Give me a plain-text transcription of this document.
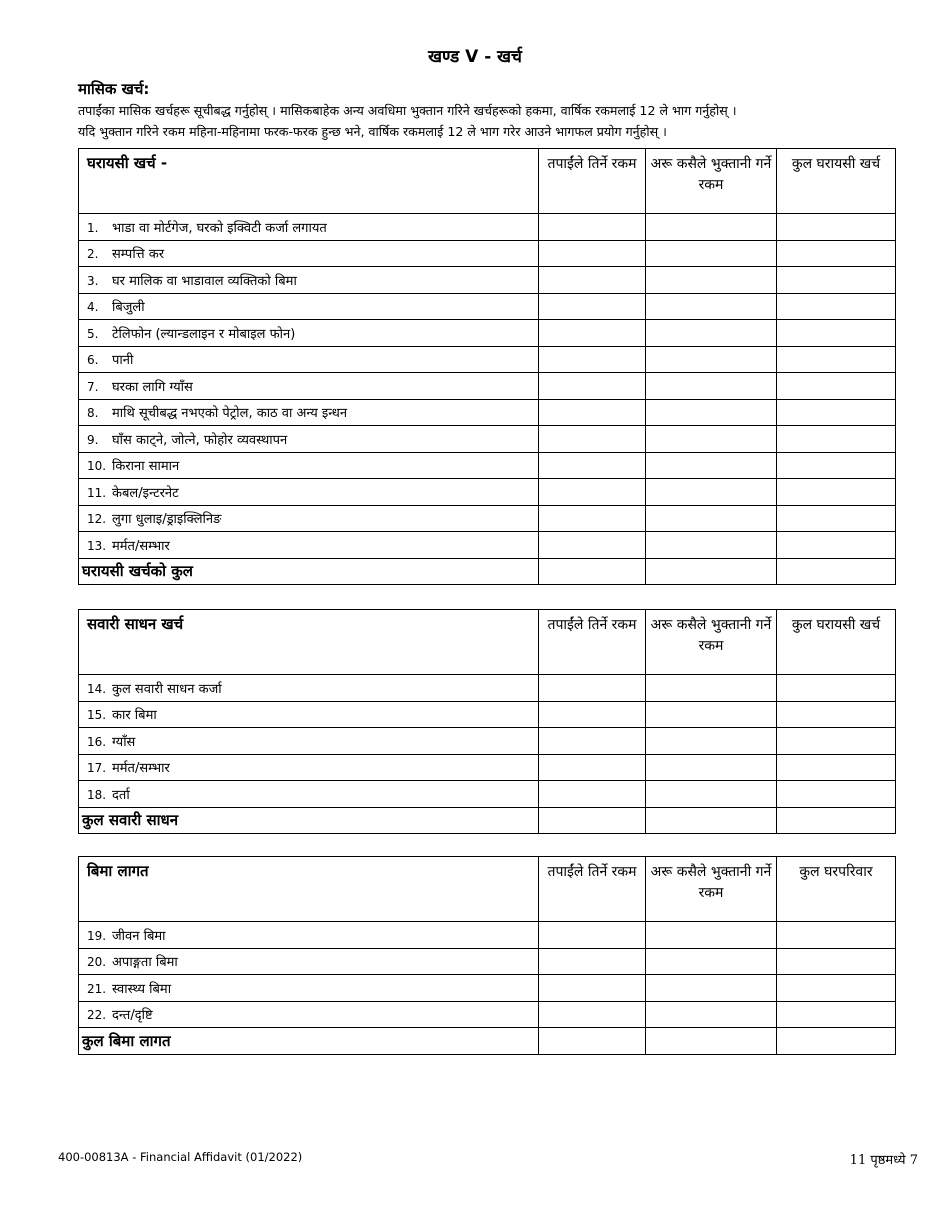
खण्ड V - खर्च
मासिक खर्च:
तपाईंका मासिक खर्चहरू सूचीबद्ध गर्नुहोस् । मासिकबाहेक अन्य अवधिमा भुक्तान गरिने खर्चहरूको हकमा, वार्षिक रकमलाई 12 ले भाग गर्नुहोस् ।
यदि भुक्तान गरिने रकम महिना-महिनामा फरक-फरक हुन्छ भने, वार्षिक रकमलाई 12 ले भाग गरेर आउने भागफल प्रयोग गर्नुहोस् ।
घरायसी खर्च -	तपाईंले तिर्ने रकम	अरू कसैले भुक्तानी गर्ने रकम	कुल घरायसी खर्च
1. भाडा वा मोर्टगेज, घरको इक्विटी कर्जा लगायत			
2. सम्पत्ति कर			
3. घर मालिक वा भाडावाल व्यक्तिको बिमा			
4. बिजुली			
5. टेलिफोन (ल्यान्डलाइन र मोबाइल फोन)			
6. पानी			
7. घरका लागि ग्याँस			
8. माथि सूचीबद्ध नभएको पेट्रोल, काठ वा अन्य इन्धन			
9. घाँस काट्ने, जोत्ने, फोहोर व्यवस्थापन			
10. किराना सामान			
11. केबल/इन्टरनेट			
12. लुगा धुलाइ/ड्राइक्लिनिङ			
13. मर्मत/सम्भार			
घरायसी खर्चको कुल			
सवारी साधन खर्च	तपाईंले तिर्ने रकम	अरू कसैले भुक्तानी गर्ने रकम	कुल घरायसी खर्च
14. कुल सवारी साधन कर्जा			
15. कार बिमा			
16. ग्याँस			
17. मर्मत/सम्भार			
18. दर्ता			
कुल सवारी साधन			
बिमा लागत	तपाईंले तिर्ने रकम	अरू कसैले भुक्तानी गर्ने रकम	कुल घरपरिवार
19. जीवन बिमा			
20. अपाङ्गता बिमा			
21. स्वास्थ्य बिमा			
22. दन्त/दृष्टि			
कुल बिमा लागत			
400-00813A - Financial Affidavit (01/2022)	11 पृष्ठमध्ये 7
